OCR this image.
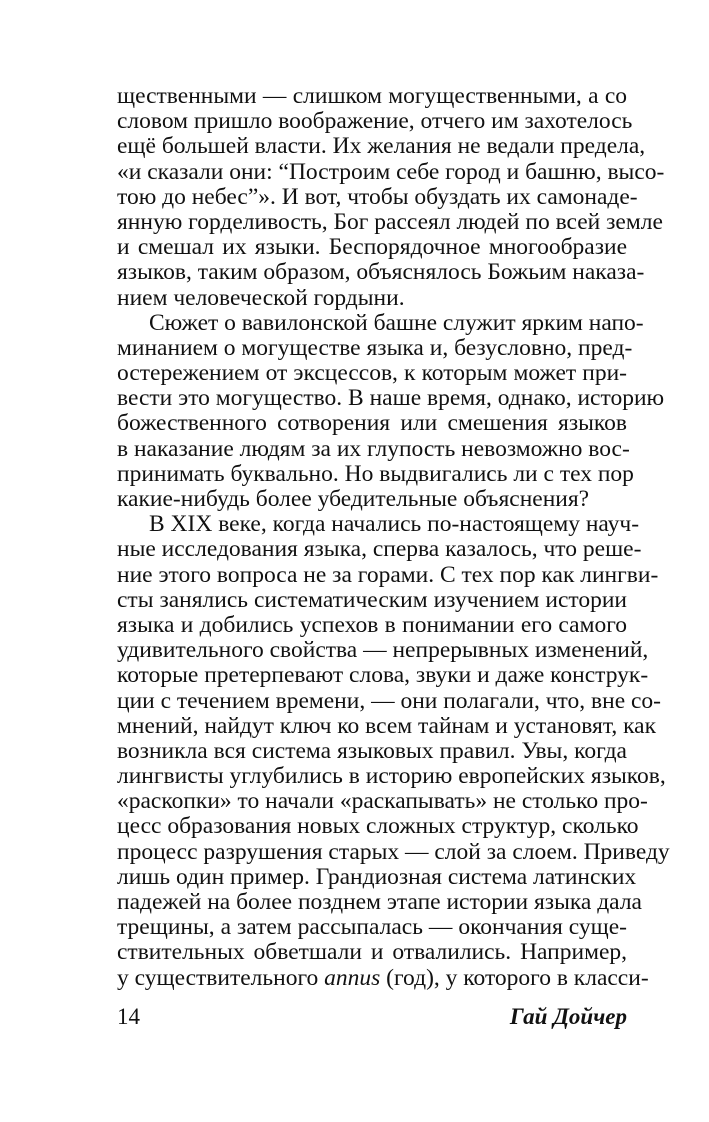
щественными — слишком могущественными, а со
словом пришло воображение, отчего им захотелось
ещё большей власти. Их желания не ведали предела,
«и сказали они: “Построим себе город и башню, высо-
тою до небес”». И вот, чтобы обуздать их самонаде-
янную горделивость, Бог рассеял людей по всей земле
и смешал их языки. Беспорядочное многообразие
языков, таким образом, объяснялось Божьим наказа-
нием человеческой гордыни.
Сюжет о вавилонской башне служит ярким напо-
минанием о могуществе языка и, безусловно, пред-
остережением от эксцессов, к которым может при-
вести это могущество. В наше время, однако, историю
божественного сотворения или смешения языков
в наказание людям за их глупость невозможно вос-
принимать буквально. Но выдвигались ли с тех пор
какие-нибудь более убедительные объяснения?
В XIX веке, когда начались по-настоящему науч-
ные исследования языка, сперва казалось, что реше-
ние этого вопроса не за горами. С тех пор как лингви-
сты занялись систематическим изучением истории
языка и добились успехов в понимании его самого
удивительного свойства — непрерывных изменений,
которые претерпевают слова, звуки и даже конструк-
ции с течением времени, — они полагали, что, вне со-
мнений, найдут ключ ко всем тайнам и установят, как
возникла вся система языковых правил. Увы, когда
лингвисты углубились в историю европейских языков,
«раскопки» то начали «раскапывать» не столько про-
цесс образования новых сложных структур, сколько
процесс разрушения старых — слой за слоем. Приведу
лишь один пример. Грандиозная система латинских
падежей на более позднем этапе истории языка дала
трещины, а затем рассыпалась — окончания суще-
ствительных обветшали и отвалились. Например,
у существительного annus (год), у которого в класси-
14	Гай Дойчер
